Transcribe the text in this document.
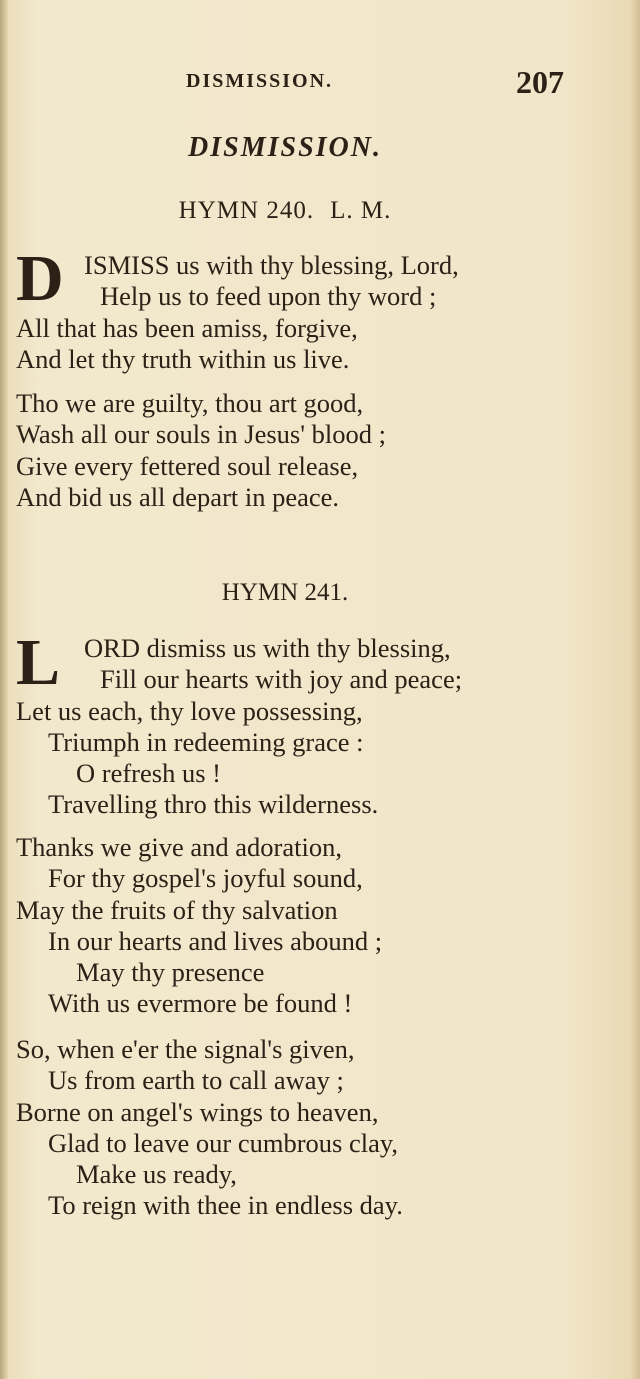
DISMISSION.	207
DISMISSION.
HYMN 240. L. M.
D ISMISS us with thy blessing, Lord,
Help us to feed upon thy word ;
All that has been amiss, forgive,
And let thy truth within us live.
Tho we are guilty, thou art good,
Wash all our souls in Jesus' blood ;
Give every fettered soul release,
And bid us all depart in peace.
HYMN 241.
L ORD dismiss us with thy blessing,
Fill our hearts with joy and peace;
Let us each, thy love possessing,
Triumph in redeeming grace :
O refresh us !
Travelling thro this wilderness.
Thanks we give and adoration,
For thy gospel's joyful sound,
May the fruits of thy salvation
In our hearts and lives abound ;
May thy presence
With us evermore be found !
So, when e'er the signal's given,
Us from earth to call away ;
Borne on angel's wings to heaven,
Glad to leave our cumbrous clay,
Make us ready,
To reign with thee in endless day.
